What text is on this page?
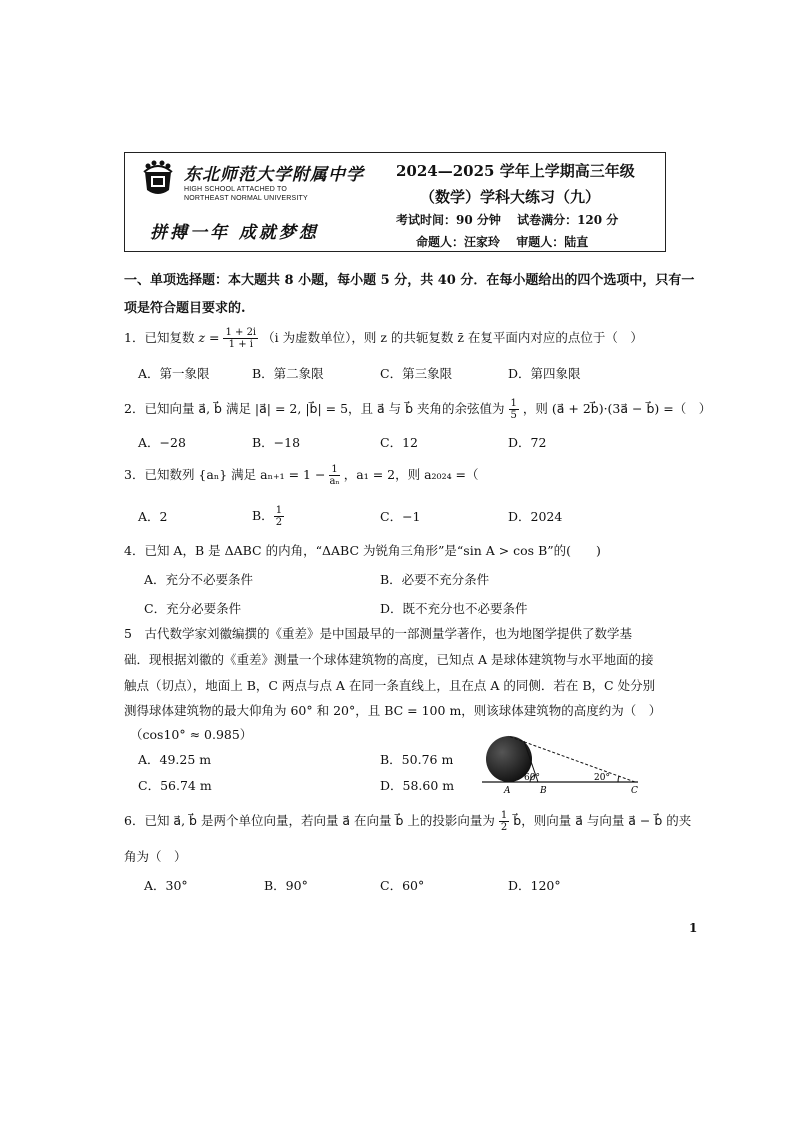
东北师范大学附属中学
HIGH SCHOOL ATTACHED TO
NORTHEAST NORMAL UNIVERSITY
拼搏一年 成就梦想
2024—2025 学年上学期高三年级
（数学）学科大练习（九）
考试时间：90 分钟　 试卷满分：120 分
命题人：汪家玲　 审题人：陆直
一、单项选择题：本大题共 8 小题，每小题 5 分，共 40 分．在每小题给出的四个选项中，只有一
项是符合题目要求的.
1．已知复数 $z = \frac{1 + 2i}{1 + i} (i$ 为虚数单位），则 z 的共轭复数 z̄ 在复平面内对应的点位于（　）
A．第一象限	B．第二象限	C．第三象限	D．第四象限
2．已知向量 a⃗, b⃗ 满足 |a⃗| = 2, |b⃗| = 5，且 a⃗ 与 b⃗ 夹角的余弦值为 $\frac{1}{5}$ ，则 (a⃗ + 2b⃗)·(3a⃗ − b⃗) =（　）
A．−28	B．−18	C．12	D．72
3．已知数列 {aₙ} 满足 $a_{n+1} = 1 - \frac{1}{\text{aₙ}}$ ，a₁ = 2，则 a₂₀₂₄ =（
A．2	B． $\frac{1}{2}$	C．−1	D．2024
4．已知 A，B 是 ΔABC 的内角，“ΔABC 为锐角三角形”是“sin A > cos B”的(　　)
A．充分不必要条件	B．必要不充分条件
C．充分必要条件	D．既不充分也不必要条件
5　古代数学家刘徽编撰的《重差》是中国最早的一部测量学著作，也为地图学提供了数学基
础．现根据刘徽的《重差》测量一个球体建筑物的高度，已知点 A 是球体建筑物与水平地面的接
触点（切点），地面上 B，C 两点与点 A 在同一条直线上，且在点 A 的同侧．若在 B，C 处分别
测得球体建筑物的最大仰角为 60° 和 20°，且 BC = 100 m，则该球体建筑物的高度约为（　）
（cos10° ≈ 0.985）
A．49.25 m	B．50.76 m
C．56.74 m	D．58.60 m	60°	20°
A	B	C
6．已知 a⃗, b⃗ 是两个单位向量，若向量 a⃗ 在向量 b⃗ 上的投影向量为 $\frac{1}{2}$ b⃗，则向量 a⃗ 与向量 a⃗ − b⃗ 的夹
角为（　）
A．30°	B．90°	C．60°	D．120°
1
